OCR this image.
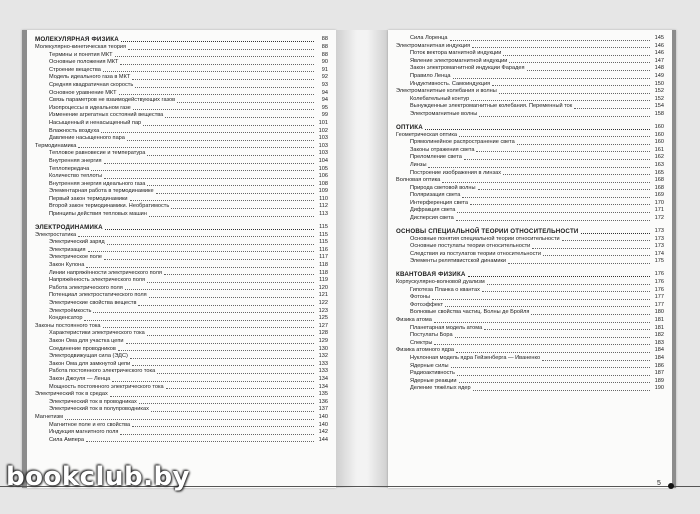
МОЛЕКУЛЯРНАЯ ФИЗИКА	88
Молекулярно-кинетическая теория	88
Термины и понятия МКТ	88
Основные положения МКТ	90
Строение вещества	91
Модель идеального газа в МКТ	92
Средняя квадратичная скорость	93
Основное уравнение МКТ	94
Связь параметров не взаимодействующих газов	94
Изопроцессы в идеальном газе	95
Изменение агрегатных состояний вещества	99
Насыщенный и ненасыщенный пар	101
Влажность воздуха	102
Давление насыщенного пара	103
Термодинамика	103
Тепловое равновесие и температура	103
Внутренняя энергия	104
Теплопередача	105
Количество теплоты	106
Внутренняя энергия идеального газа	108
Элементарная работа в термодинамике	109
Первый закон термодинамики	110
Второй закон термодинамики. Необратимость	112
Принципы действия тепловых машин	113
ЭЛЕКТРОДИНАМИКА	115
Электростатика	115
Электрический заряд	115
Электризация	116
Электрическое поле	117
Закон Кулона	118
Линии напряжённости электрического поля	118
Напряжённость электрического поля	119
Работа электрического поля	120
Потенциал электростатического поля	121
Электрические свойства веществ	122
Электроёмкость	123
Конденсатор	125
Законы постоянного тока	127
Характеристики электрического тока	128
Закон Ома для участка цепи	129
Соединение проводников	130
Электродвижущая сила (ЭДС)	132
Закон Ома для замкнутой цепи	133
Работа постоянного электрического тока	133
Закон Джоуля — Ленца	134
Мощность постоянного электрического тока	134
Электрический ток в средах	135
Электрический ток в проводниках	136
Электрический ток в полупроводниках	137
Магнетизм	140
Магнитное поле и его свойства	140
Индукция магнитного поля	142
Сила Ампера	144
Сила Лоренца	145
Электромагнитная индукция	146
Поток вектора магнитной индукции	146
Явление электромагнитной индукции	147
Закон электромагнитной индукции Фарадея	148
Правило Ленца	149
Индуктивность. Самоиндукция	150
Электромагнитные колебания и волны	152
Колебательный контур	152
Вынужденные электромагнитные колебания. Переменный ток	154
Электромагнитные волны	158
ОПТИКА	160
Геометрическая оптика	160
Прямолинейное распространение света	160
Законы отражения света	161
Преломление света	162
Линзы	163
Построение изображения в линзах	165
Волновая оптика	168
Природа световой волны	168
Поляризация света	169
Интерференция света	170
Дифракция света	171
Дисперсия света	172
ОСНОВЫ СПЕЦИАЛЬНОЙ ТЕОРИИ ОТНОСИТЕЛЬНОСТИ	173
Основные понятия специальной теории относительности	173
Основные постулаты теории относительности	173
Следствия из постулатов теории относительности	174
Элементы релятивистской динамики	175
КВАНТОВАЯ ФИЗИКА	176
Корпускулярно-волновой дуализм	176
Гипотеза Планка о квантах	176
Фотоны	177
Фотоэффект	177
Волновые свойства частиц. Волны де Бройля	180
Физика атома	181
Планетарная модель атома	181
Постулаты Бора	182
Спектры	183
Физика атомного ядра	184
Нуклонная модель ядра Гейзенберга — Иваненко	184
Ядерные силы	186
Радиоактивность	187
Ядерные реакции	189
Деление тяжёлых ядер	190
5
bookclub.by
